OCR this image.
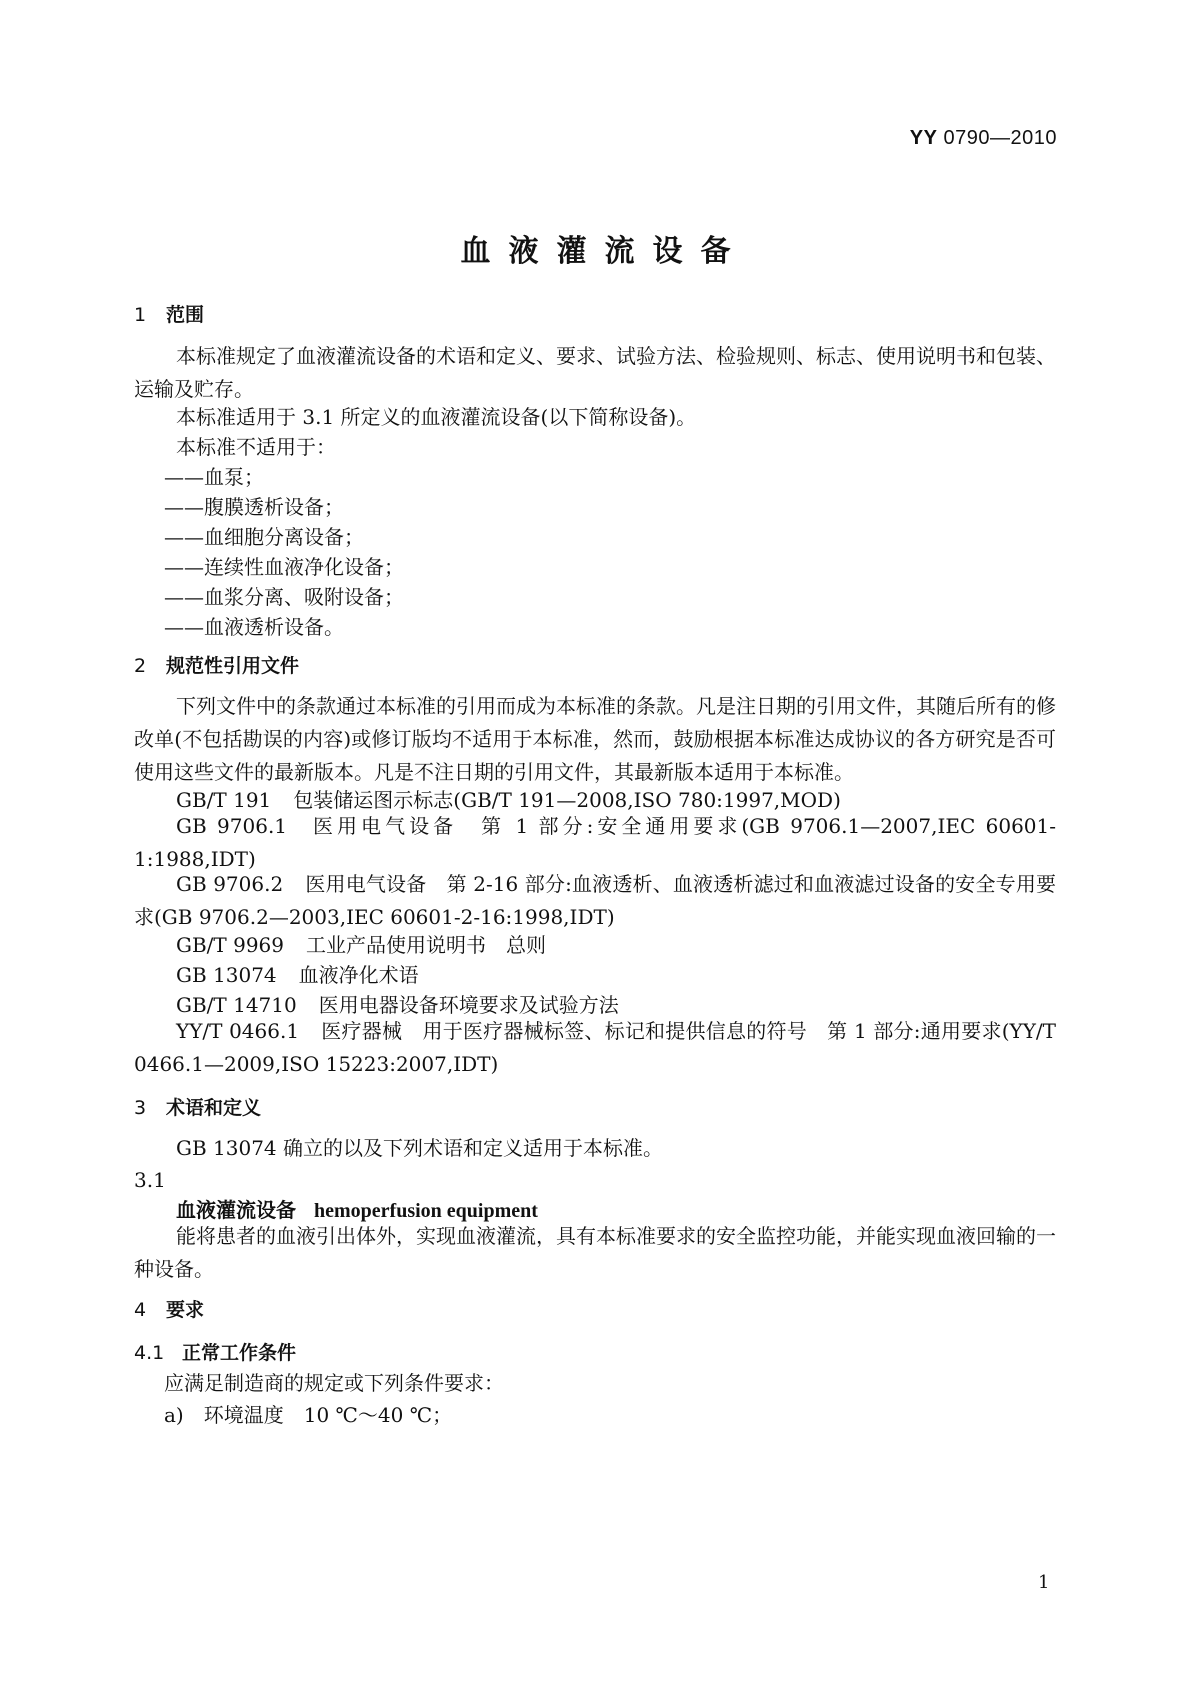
YY 0790—2010
血液灌流设备
1 范围
本标准规定了血液灌流设备的术语和定义、要求、试验方法、检验规则、标志、使用说明书和包装、运输及贮存。
本标准适用于 3.1 所定义的血液灌流设备(以下简称设备)。
本标准不适用于：
——血泵；
——腹膜透析设备；
——血细胞分离设备；
——连续性血液净化设备；
——血浆分离、吸附设备；
——血液透析设备。
2 规范性引用文件
下列文件中的条款通过本标准的引用而成为本标准的条款。凡是注日期的引用文件，其随后所有的修改单(不包括勘误的内容)或修订版均不适用于本标准，然而，鼓励根据本标准达成协议的各方研究是否可使用这些文件的最新版本。凡是不注日期的引用文件，其最新版本适用于本标准。
GB/T 191 包装储运图示标志(GB/T 191—2008,ISO 780:1997,MOD)
GB 9706.1 医用电气设备　第 1 部分:安全通用要求(GB 9706.1—2007,IEC 60601-1:1988,IDT)
GB 9706.2 医用电气设备　第 2-16 部分:血液透析、血液透析滤过和血液滤过设备的安全专用要求(GB 9706.2—2003,IEC 60601-2-16:1998,IDT)
GB/T 9969 工业产品使用说明书　总则
GB 13074 血液净化术语
GB/T 14710 医用电器设备环境要求及试验方法
YY/T 0466.1 医疗器械　用于医疗器械标签、标记和提供信息的符号　第 1 部分:通用要求(YY/T 0466.1—2009,ISO 15223:2007,IDT)
3 术语和定义
GB 13074 确立的以及下列术语和定义适用于本标准。
3.1
血液灌流设备 hemoperfusion equipment
能将患者的血液引出体外，实现血液灌流，具有本标准要求的安全监控功能，并能实现血液回输的一种设备。
4 要求
4.1 正常工作条件
应满足制造商的规定或下列条件要求：
a) 环境温度　10 ℃～40 ℃；
1
